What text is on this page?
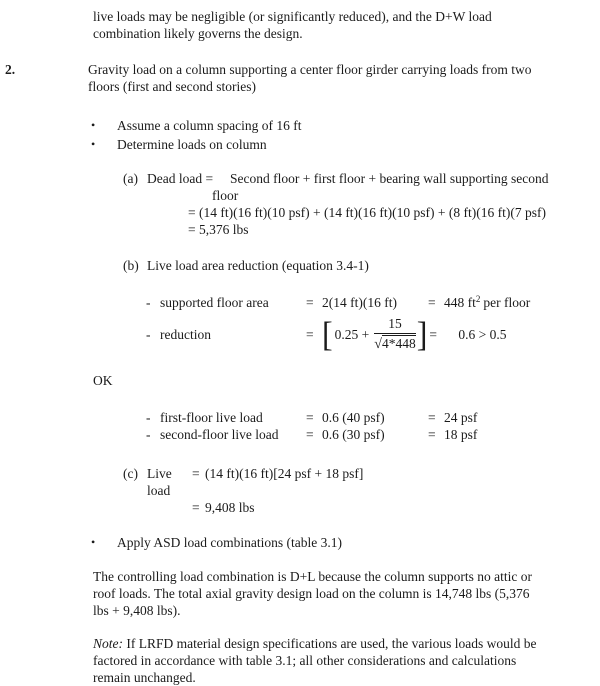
live loads may be negligible (or significantly reduced), and the D+W load
combination likely governs the design.
2.	Gravity load on a column supporting a center floor girder carrying loads from two
floors (first and second stories)
•	Assume a column spacing of 16 ft
•	Determine loads on column
(a) Dead load =	Second floor + first floor + bearing wall supporting second
floor
= (14 ft)(16 ft)(10 psf) + (14 ft)(16 ft)(10 psf) + (8 ft)(16 ft)(7 psf)
= 5,376 lbs
(b) Live load area reduction (equation 3.4-1)
- supported floor area	= 2(14 ft)(16 ft)	= 448 $ft^2$ per floor
- reduction	= [ $0.25 + \frac{15}{√4*448}$ ] =	0.6 > 0.5
OK
- first-floor live load	= 0.6 (40 psf)	= 24 psf
- second-floor live load	= 0.6 (30 psf)	= 18 psf
(c) Live load
= (14 ft)(16 ft)[24 psf + 18 psf]
= 9,408 lbs
•	Apply ASD load combinations (table 3.1)
The controlling load combination is D+L because the column supports no attic or
roof loads. The total axial gravity design load on the column is 14,748 lbs (5,376
lbs + 9,408 lbs).
Note: If LRFD material design specifications are used, the various loads would be
factored in accordance with table 3.1; all other considerations and calculations
remain unchanged.
